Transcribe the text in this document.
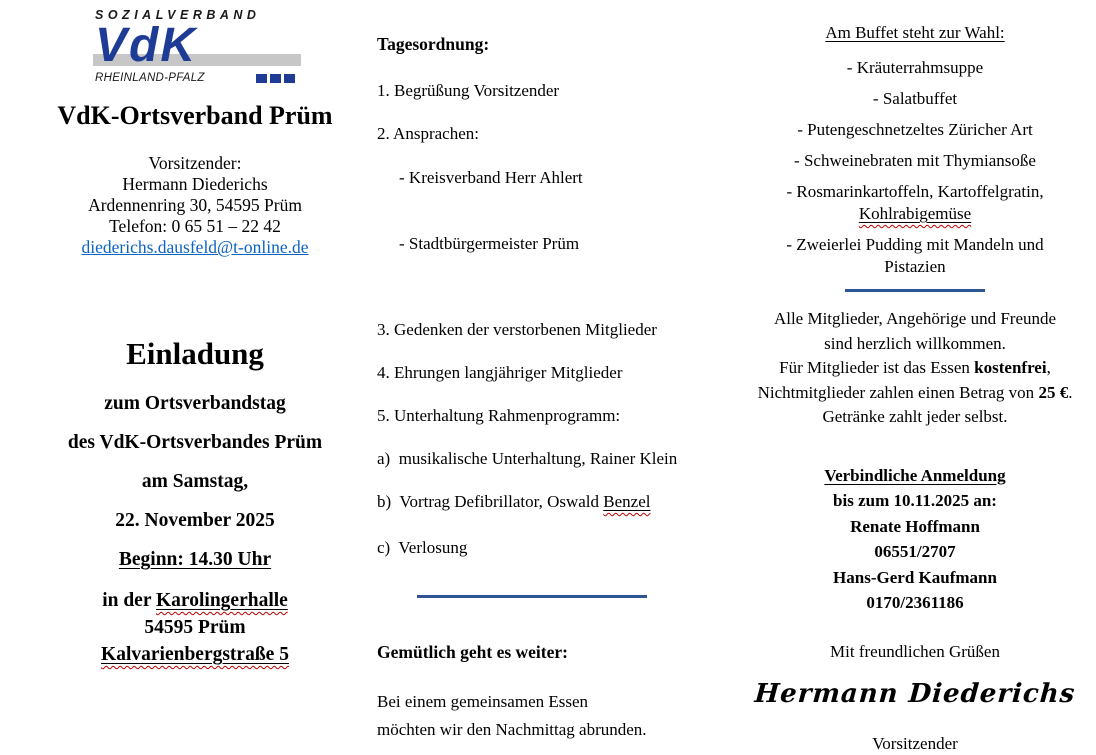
SOZIALVERBAND
VdK
RHEINLAND-PFALZ
VdK-Ortsverband Prüm
Vorsitzender:
Hermann Diederichs
Ardennenring 30, 54595 Prüm
Telefon: 0 65 51 – 22 42
diederichs.dausfeld@t-online.de
Einladung
zum Ortsverbandstag
des VdK-Ortsverbandes Prüm
am Samstag,
22. November 2025
Beginn: 14.30 Uhr
in der Karolingerhalle
54595 Prüm
Kalvarienbergstraße 5
Tagesordnung:
1. Begrüßung Vorsitzender
2. Ansprachen:

- Kreisverband Herr Ahlert

- Stadtbürgermeister Prüm

3. Gedenken der verstorbenen Mitglieder
4. Ehrungen langjähriger Mitglieder
5. Unterhaltung Rahmenprogramm:
a)  musikalische Unterhaltung, Rainer Klein
b)  Vortrag Defibrillator, Oswald Benzel
c)  Verlosung
Gemütlich geht es weiter:
Bei einem gemeinsamen Essen
möchten wir den Nachmittag abrunden.
Am Buffet steht zur Wahl:
- Kräuterrahmsuppe
- Salatbuffet
- Putengeschnetzeltes Züricher Art
- Schweinebraten mit Thymiansoße
- Rosmarinkartoffeln, Kartoffelgratin,
Kohlrabigemüse
- Zweierlei Pudding mit Mandeln und
Pistazien
Alle Mitglieder, Angehörige und Freunde
sind herzlich willkommen.
Für Mitglieder ist das Essen kostenfrei,
Nichtmitglieder zahlen einen Betrag von 25 €.
Getränke zahlt jeder selbst.
Verbindliche Anmeldung
bis zum 10.11.2025 an:
Renate Hoffmann
06551/2707
Hans-Gerd Kaufmann
0170/2361186
Mit freundlichen Grüßen
Hermann Diederichs
Vorsitzender
